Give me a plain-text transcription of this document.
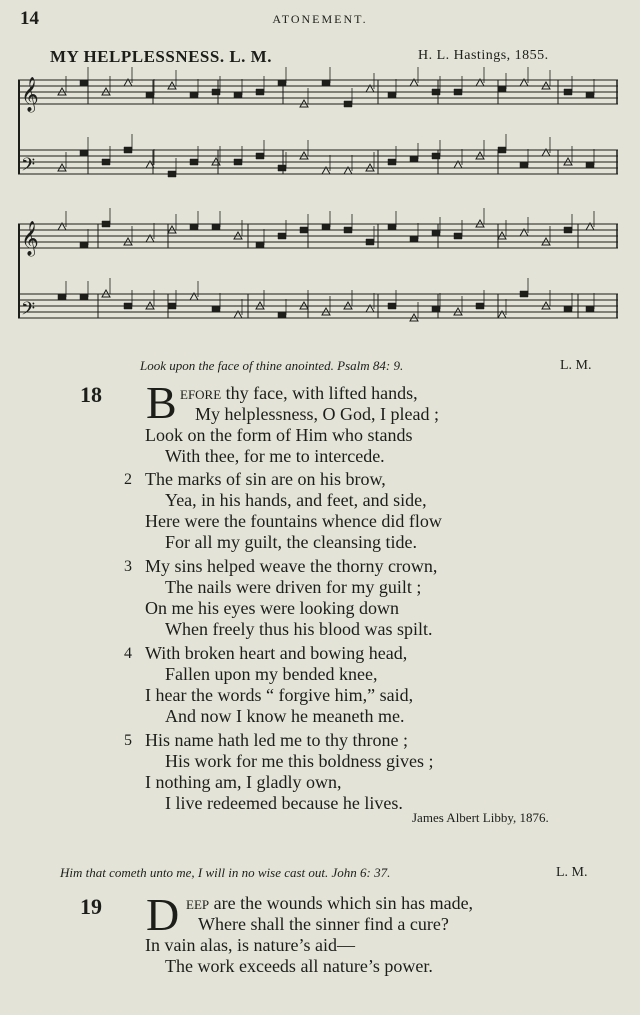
14	ATONEMENT.
MY HELPLESSNESS. L. M.	H. L. Hastings, 1855.
𝄞
𝄢
𝄞
𝄢
Look upon the face of thine anointed. Psalm 84: 9.	L. M.
18 B efore thy face, with lifted hands,
My helplessness, O God, I plead ;
Look on the form of Him who stands
With thee, for me to intercede.
2 The marks of sin are on his brow,
Yea, in his hands, and feet, and side,
Here were the fountains whence did flow
For all my guilt, the cleansing tide.
3 My sins helped weave the thorny crown,
The nails were driven for my guilt ;
On me his eyes were looking down
When freely thus his blood was spilt.
4 With broken heart and bowing head,
Fallen upon my bended knee,
I hear the words “ forgive him,” said,
And now I know he meaneth me.
5 His name hath led me to thy throne ;
His work for me this boldness gives ;
I nothing am, I gladly own,
I live redeemed because he lives.
James Albert Libby, 1876.
Him that cometh unto me, I will in no wise cast out. John 6: 37.	L. M.
19 D eep are the wounds which sin has made,
Where shall the sinner find a cure?
In vain alas, is nature’s aid—
The work exceeds all nature’s power.
